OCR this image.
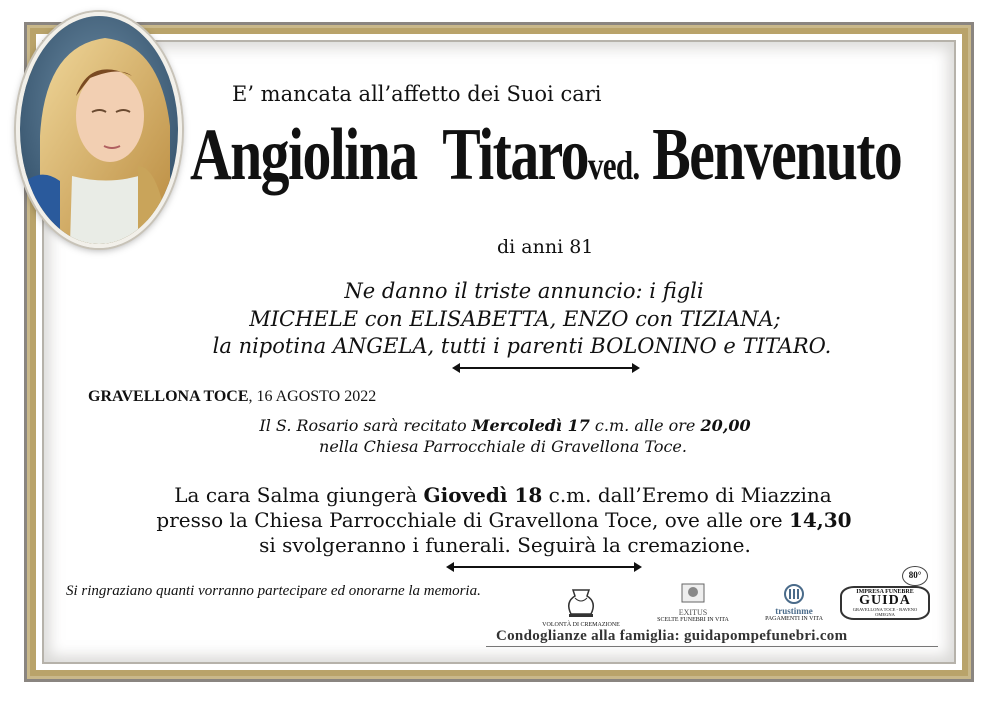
E’ mancata all’affetto dei Suoi cari
Angiolina Titaroved. Benvenuto
di anni 81
Ne danno il triste annuncio: i figli
MICHELE con ELISABETTA, ENZO con TIZIANA;
la nipotina ANGELA, tutti i parenti BOLONINO e TITARO.
GRAVELLONA TOCE, 16 AGOSTO 2022
Il S. Rosario sarà recitato Mercoledì 17 c.m. alle ore 20,00
nella Chiesa Parrocchiale di Gravellona Toce.
La cara Salma giungerà Giovedì 18 c.m. dall’Eremo di Miazzina
presso la Chiesa Parrocchiale di Gravellona Toce, ove alle ore 14,30
si svolgeranno i funerali. Seguirà la cremazione.
Si ringraziano quanti vorranno partecipare ed onorarne la memoria.
VOLONTÀ DI CREMAZIONE
EXITUS
SCELTE FUNEBRI IN VITA
trustinme
PAGAMENTI IN VITA
80°
IMPRESA FUNEBRE
GUIDA
GRAVELLONA TOCE - BAVENO
OMEGNA
Condoglianze alla famiglia: guidapompefunebri.com
